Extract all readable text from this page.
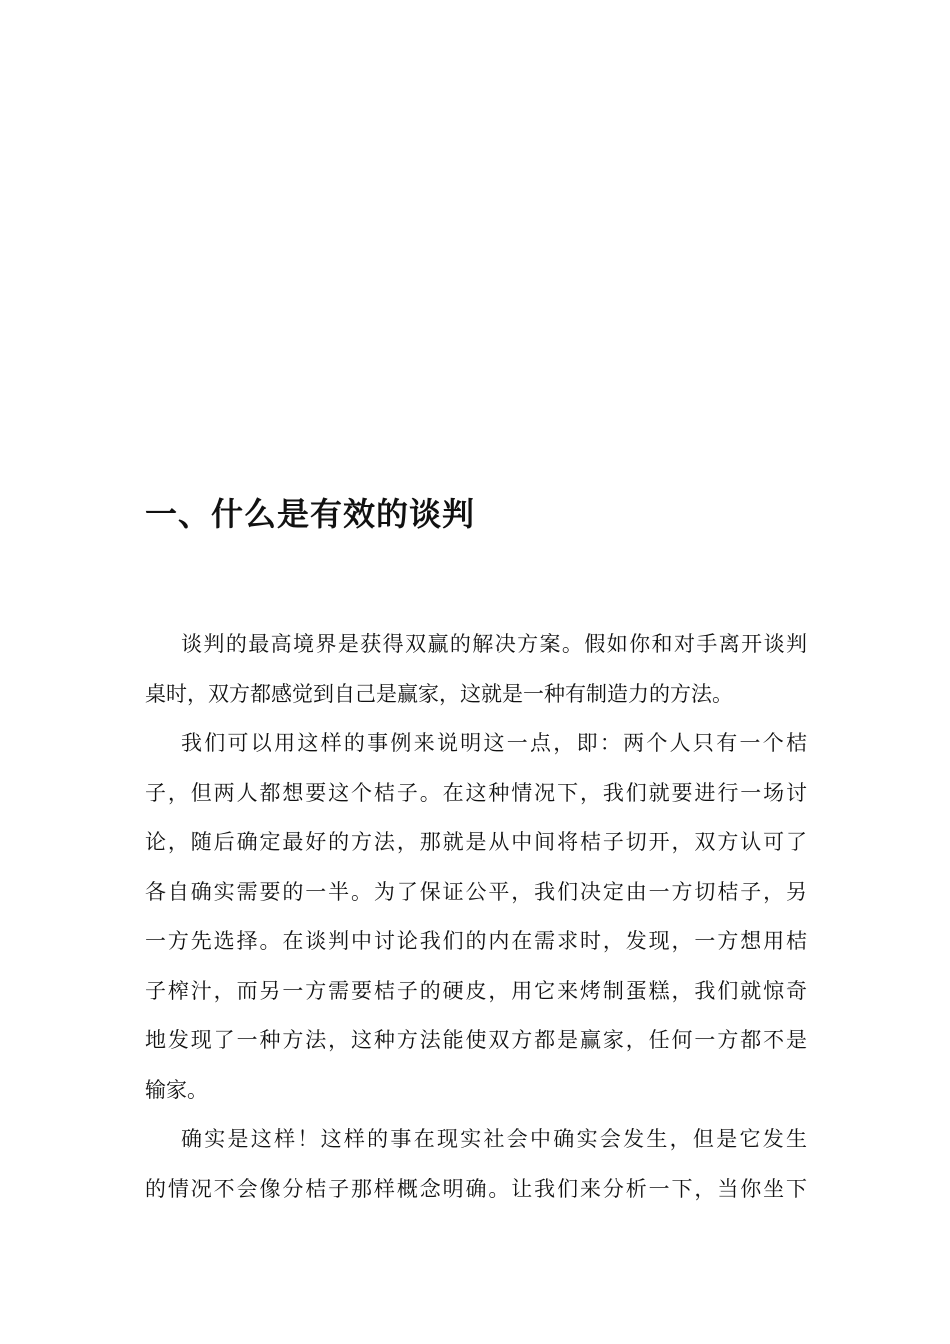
一、什么是有效的谈判
谈判的最高境界是获得双赢的解决方案。假如你和对手离开谈判
桌时，双方都感觉到自己是赢家，这就是一种有制造力的方法。
我们可以用这样的事例来说明这一点，即：两个人只有一个桔
子，但两人都想要这个桔子。在这种情况下，我们就要进行一场讨
论，随后确定最好的方法，那就是从中间将桔子切开，双方认可了
各自确实需要的一半。为了保证公平，我们决定由一方切桔子，另
一方先选择。在谈判中讨论我们的内在需求时，发现，一方想用桔
子榨汁，而另一方需要桔子的硬皮，用它来烤制蛋糕，我们就惊奇
地发现了一种方法，这种方法能使双方都是赢家，任何一方都不是
输家。
确实是这样！这样的事在现实社会中确实会发生，但是它发生
的情况不会像分桔子那样概念明确。让我们来分析一下，当你坐下
